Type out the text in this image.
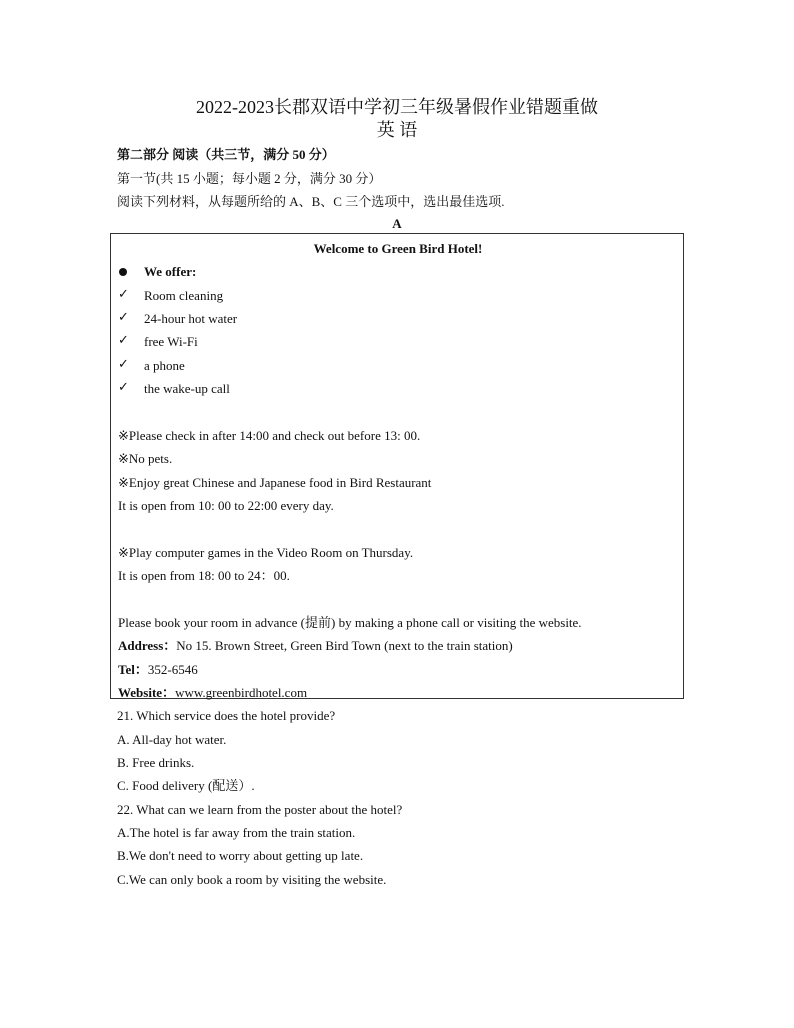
2022-2023长郡双语中学初三年级暑假作业错题重做
英 语
第二部分 阅读（共三节，满分 50 分）
第一节(共 15 小题；每小题 2 分，满分 30 分）
阅读下列材料，从每题所给的 A、B、C 三个选项中，选出最佳选项.
A
Welcome to Green Bird Hotel!
We offer:
✓ Room cleaning
✓ 24-hour hot water
✓ free Wi-Fi
✓ a phone
✓ the wake-up call
※Please check in after 14:00 and check out before 13: 00.
※No pets.
※Enjoy great Chinese and Japanese food in Bird Restaurant
It is open from 10: 00 to 22:00 every day.
※Play computer games in the Video Room on Thursday.
It is open from 18: 00 to 24：00.
Please book your room in advance (提前) by making a phone call or visiting the website.
Address：No 15. Brown Street, Green Bird Town (next to the train station)
Tel：352-6546
Website：www.greenbirdhotel.com
21. Which service does the hotel provide?
A. All-day hot water.
B. Free drinks.
C. Food delivery (配送）.
22. What can we learn from the poster about the hotel?
A.The hotel is far away from the train station.
B.We don't need to worry about getting up late.
C.We can only book a room by visiting the website.
